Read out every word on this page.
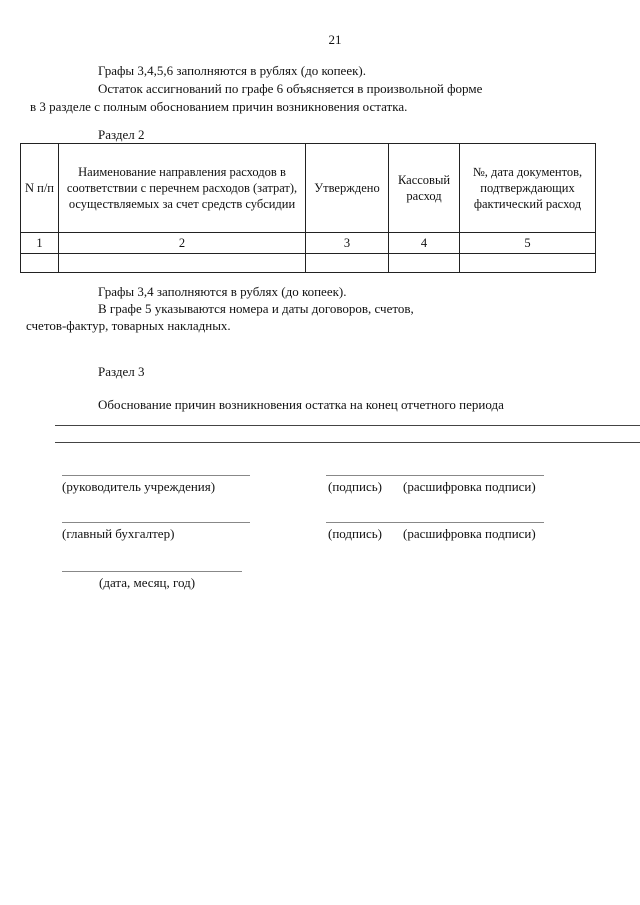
21
Графы 3,4,5,6 заполняются в рублях (до копеек).
Остаток ассигнований по графе 6 объясняется в произвольной форме
в 3 разделе с полным обоснованием причин возникновения остатка.
Раздел 2
N п/п	Наименование направления расходов в соответствии с перечнем расходов (затрат), осуществляемых за счет средств субсидии	Утверждено	Кассовый расход	№, дата документов, подтверждающих фактический расход
1	2	3	4	5

Графы 3,4 заполняются в рублях (до копеек).
В графе 5 указываются номера и даты договоров, счетов,
счетов-фактур, товарных накладных.
Раздел 3
Обоснование причин возникновения остатка на конец отчетного периода
(руководитель учреждения)	(подпись) (расшифровка подписи)
(главный бухгалтер)	(подпись) (расшифровка подписи)
(дата, месяц, год)
